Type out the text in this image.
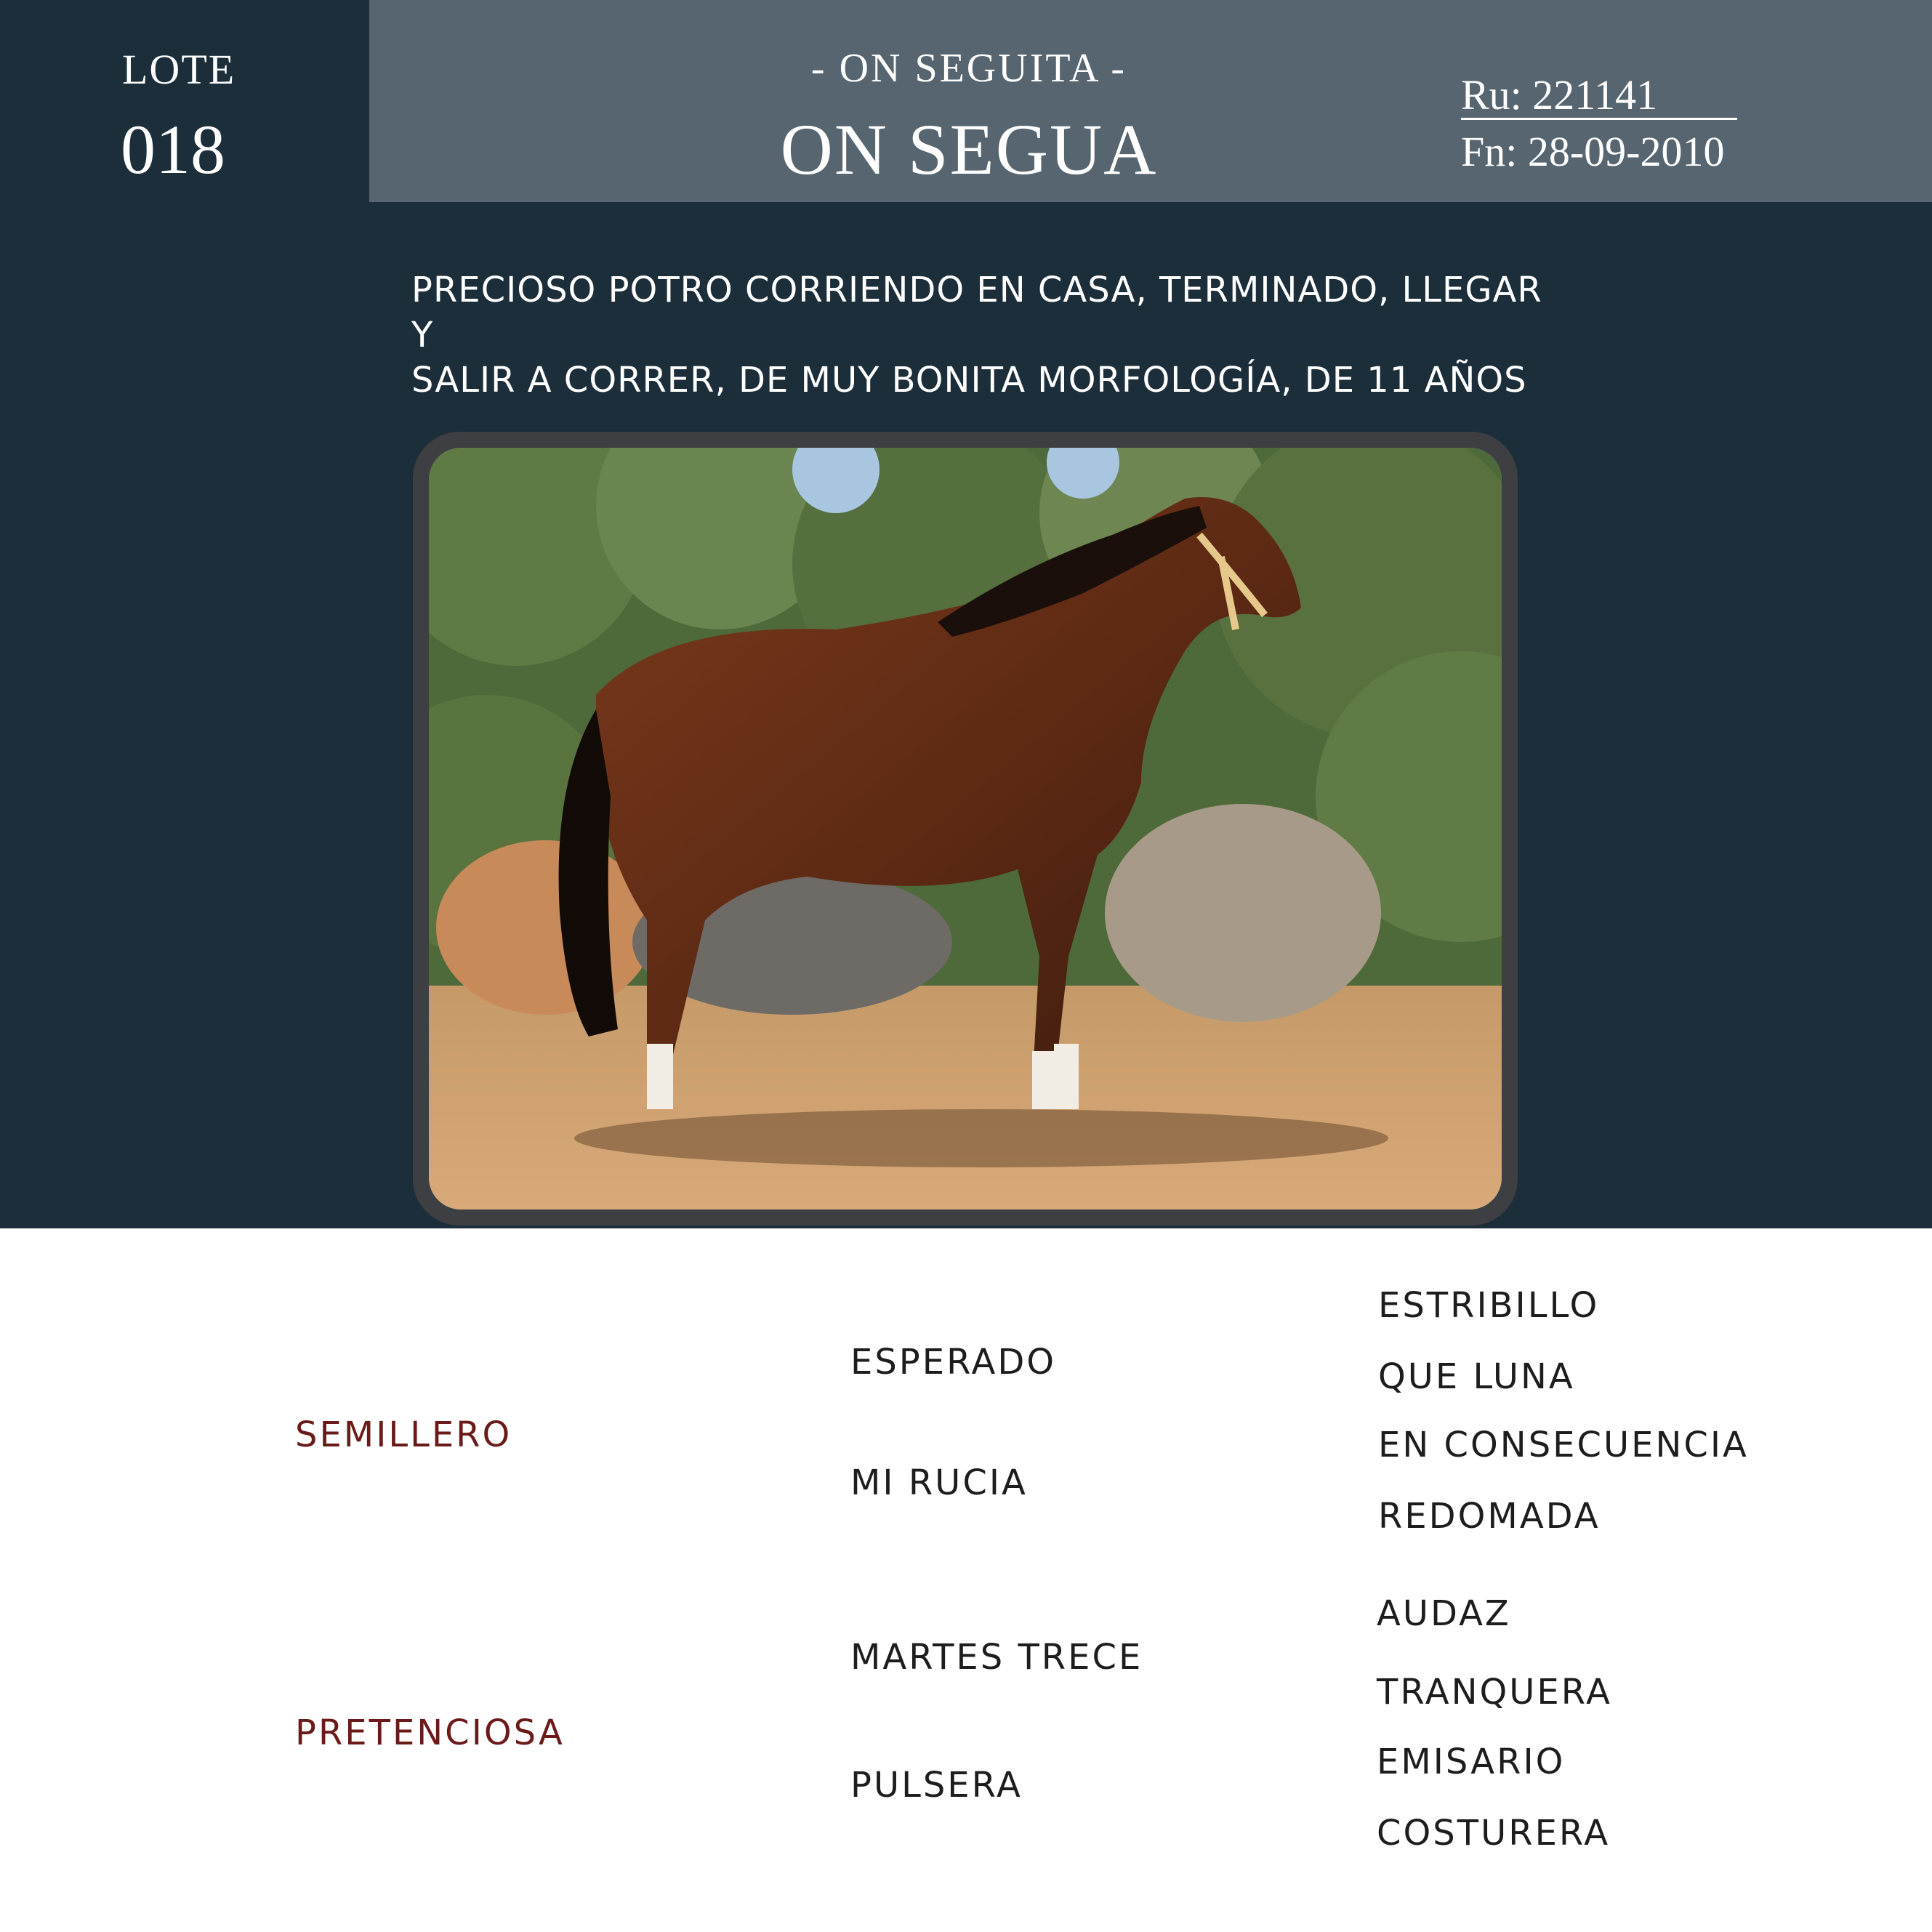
LOTE
018
- ON SEGUITA -
ON SEGUA
Ru: 221141
Fn: 28-09-2010
PRECIOSO POTRO CORRIENDO EN CASA, TERMINADO, LLEGAR Y
SALIR A CORRER, DE MUY BONITA MORFOLOGÍA, DE 11 AÑOS
SEMILLERO
PRETENCIOSA
ESPERADO
MI RUCIA
MARTES TRECE
PULSERA
ESTRIBILLO
QUE LUNA
EN CONSECUENCIA
REDOMADA
AUDAZ
TRANQUERA
EMISARIO
COSTURERA
